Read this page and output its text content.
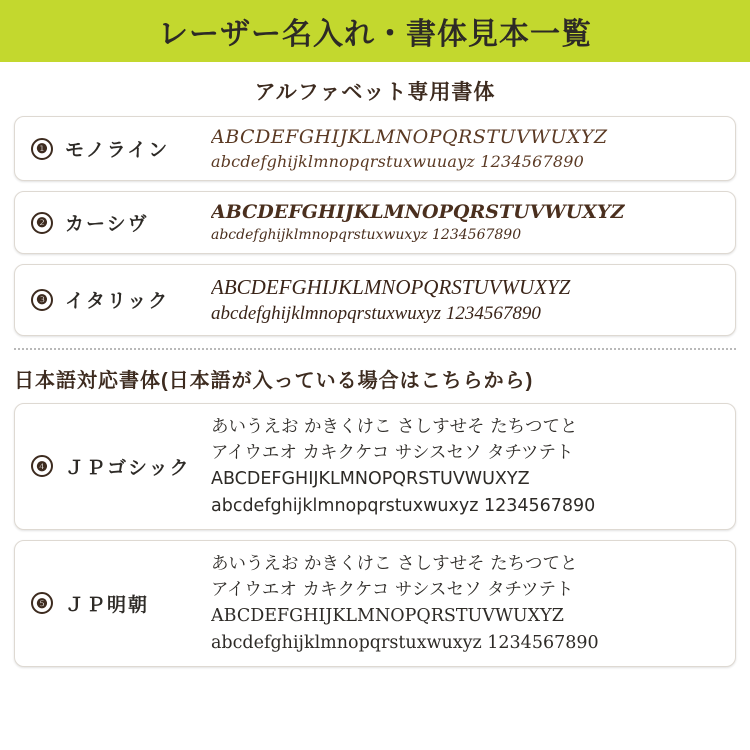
レーザー名入れ・書体見本一覧
アルファベット専用書体
❶ モノライン
ABCDEFGHIJKLMNOPQRSTUVWUXYZ
abcdefghijklmnopqrstuxwuuayz 1234567890
❷ カーシヴ
ABCDEFGHIJKLMNOPQRSTUVWUXYZ
abcdefghijklmnopqrstuxwuxyz 1234567890
❸ イタリック
ABCDEFGHIJKLMNOPQRSTUVWUXYZ
abcdefghijklmnopqrstuxwuxyz 1234567890
日本語対応書体(日本語が入っている場合はこちらから)
❹ ＪＰゴシック
あいうえお かきくけこ さしすせそ たちつてと
アイウエオ カキクケコ サシスセソ タチツテト
ABCDEFGHIJKLMNOPQRSTUVWUXYZ
abcdefghijklmnopqrstuxwuxyz 1234567890
❺ ＪＰ明朝
あいうえお かきくけこ さしすせそ たちつてと
アイウエオ カキクケコ サシスセソ タチツテト
ABCDEFGHIJKLMNOPQRSTUVWUXYZ
abcdefghijklmnopqrstuxwuxyz 1234567890
